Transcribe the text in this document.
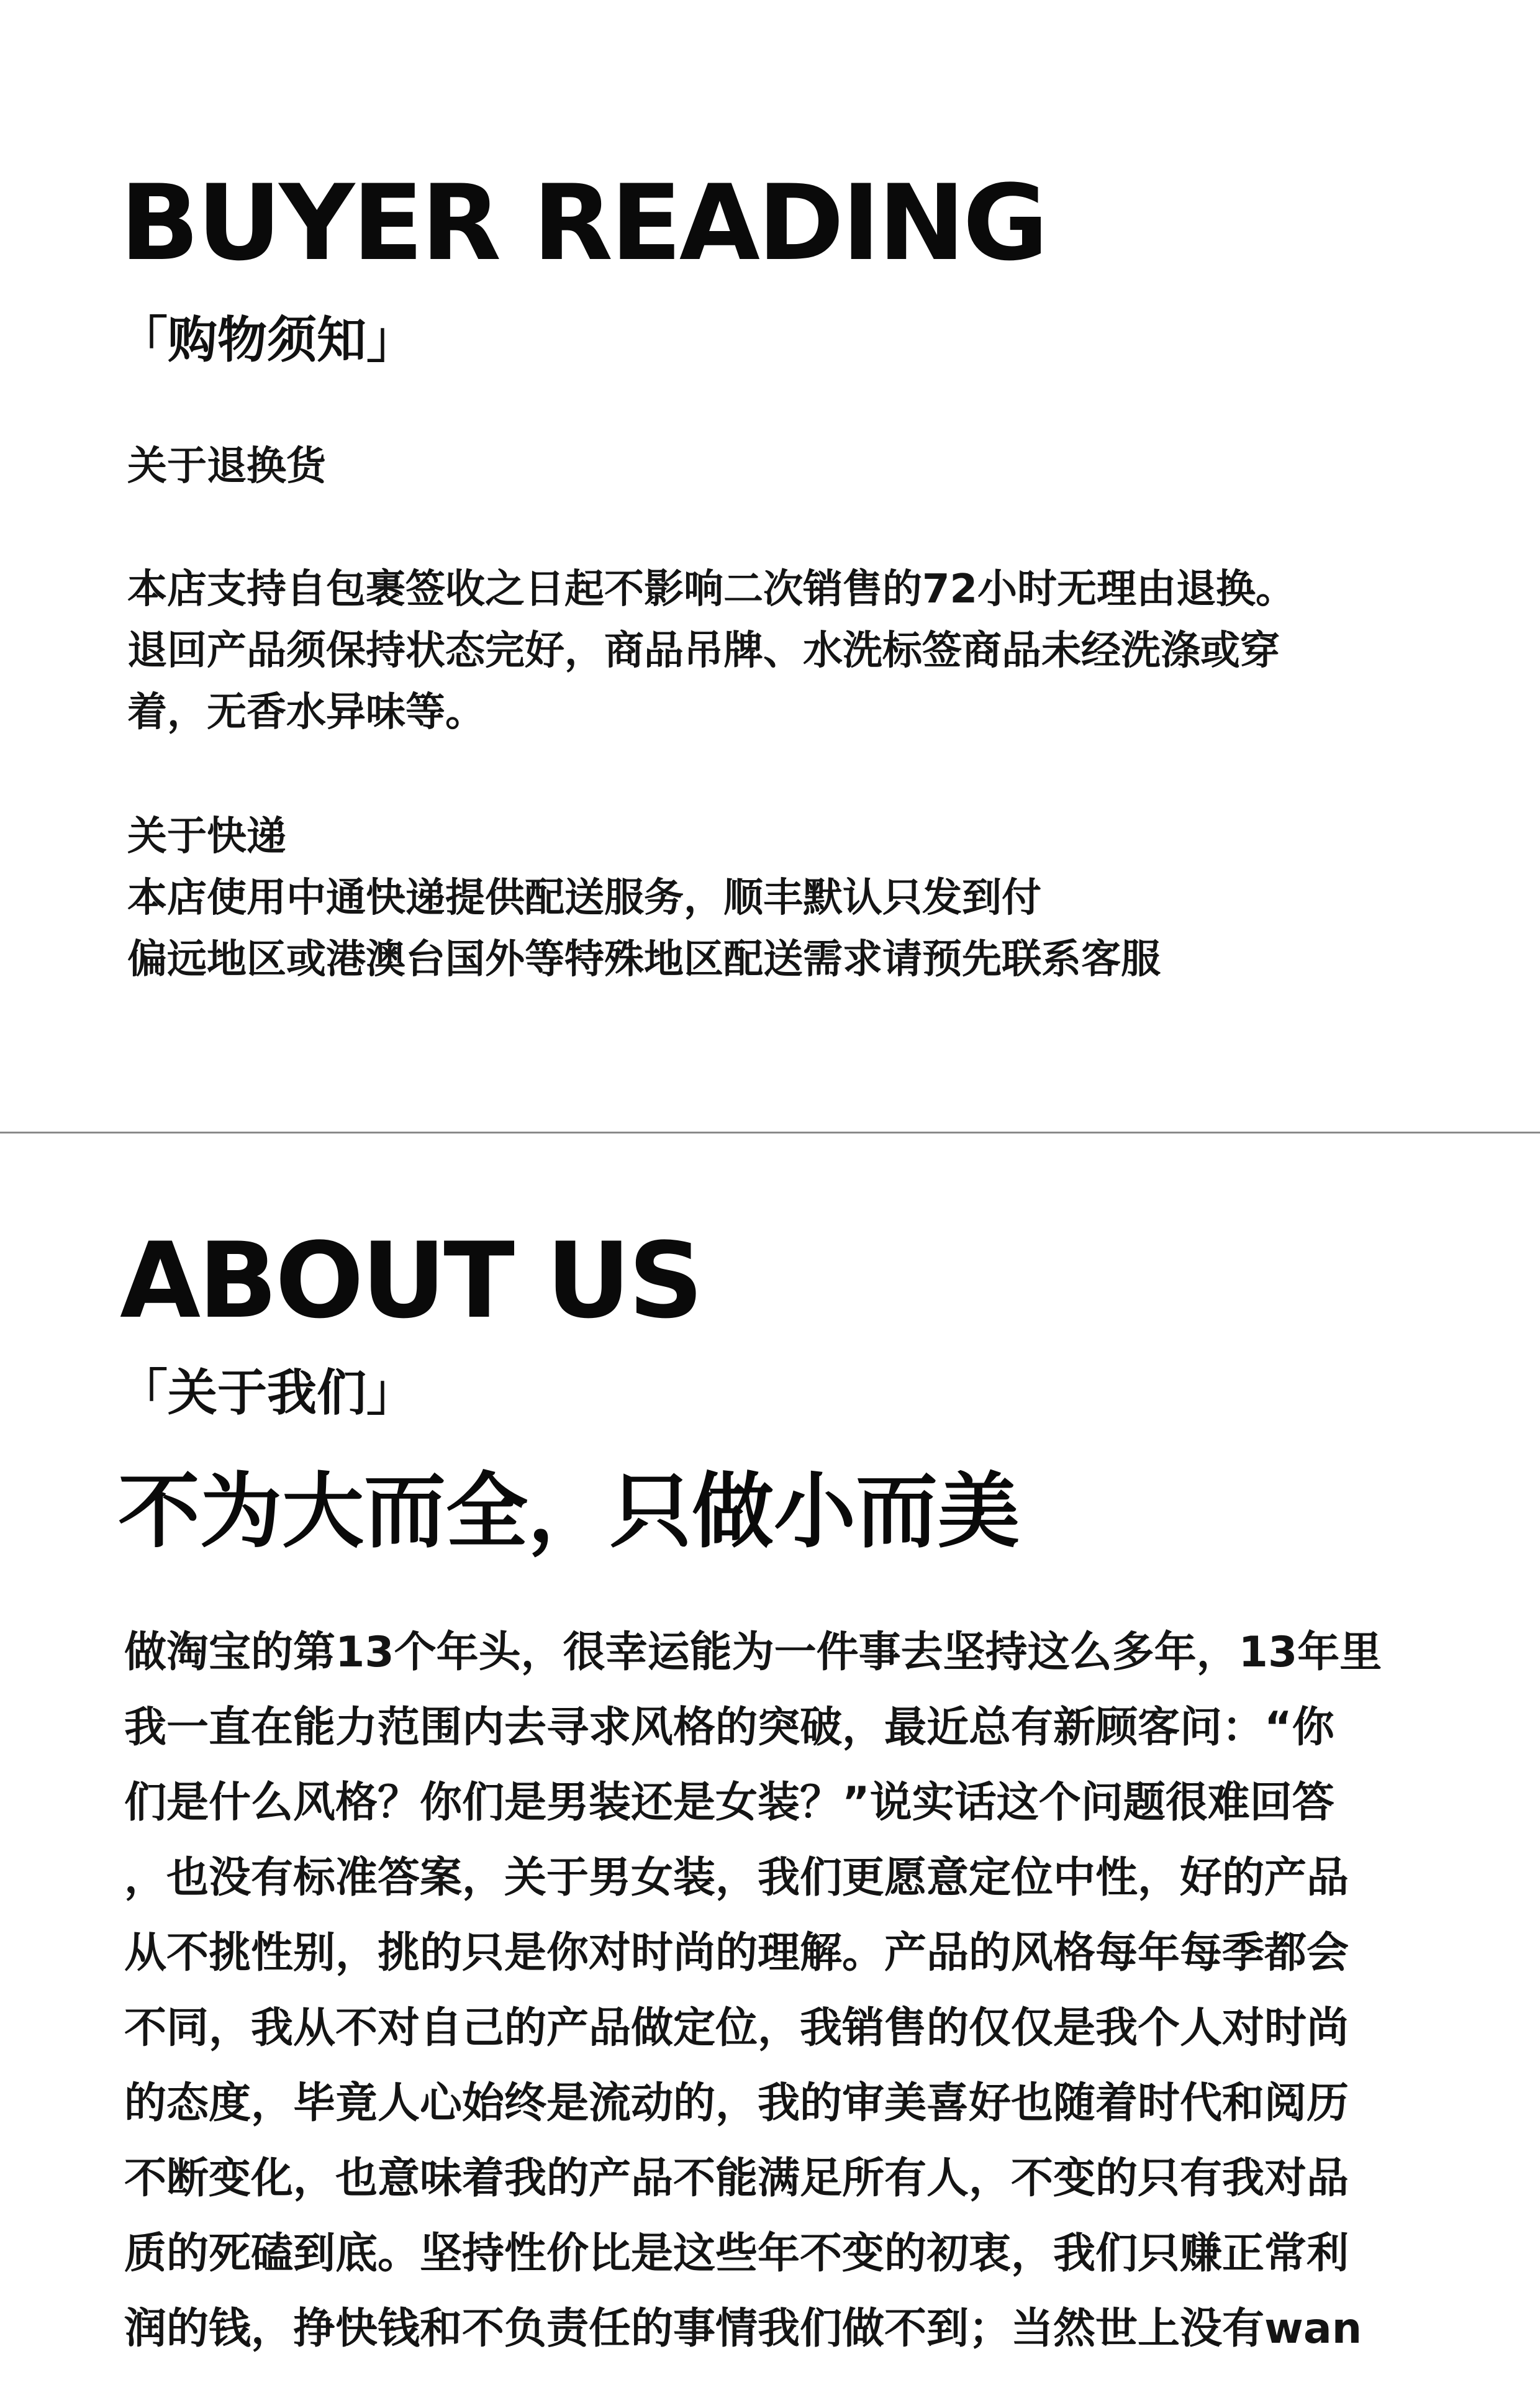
BUYER READING
「购物须知」

关于退换货

本店支持自包裹签收之日起不影响二次销售的72小时无理由退换。
退回产品须保持状态完好，商品吊牌、水洗标签商品未经洗涤或穿
着，无香水异味等。

关于快递

本店使用中通快递提供配送服务，顺丰默认只发到付
偏远地区或港澳台国外等特殊地区配送需求请预先联系客服
ABOUT US
「关于我们」
不为大而全，只做小而美
做淘宝的第13个年头，很幸运能为一件事去坚持这么多年，13年里
我一直在能力范围内去寻求风格的突破，最近总有新顾客问：“你
们是什么风格？你们是男装还是女装？”说实话这个问题很难回答
，也没有标准答案，关于男女装，我们更愿意定位中性，好的产品
从不挑性别，挑的只是你对时尚的理解。产品的风格每年每季都会
不同，我从不对自己的产品做定位，我销售的仅仅是我个人对时尚
的态度，毕竟人心始终是流动的，我的审美喜好也随着时代和阅历
不断变化，也意味着我的产品不能满足所有人，不变的只有我对品
质的死磕到底。坚持性价比是这些年不变的初衷，我们只赚正常利
润的钱，挣快钱和不负责任的事情我们做不到；当然世上没有wan
